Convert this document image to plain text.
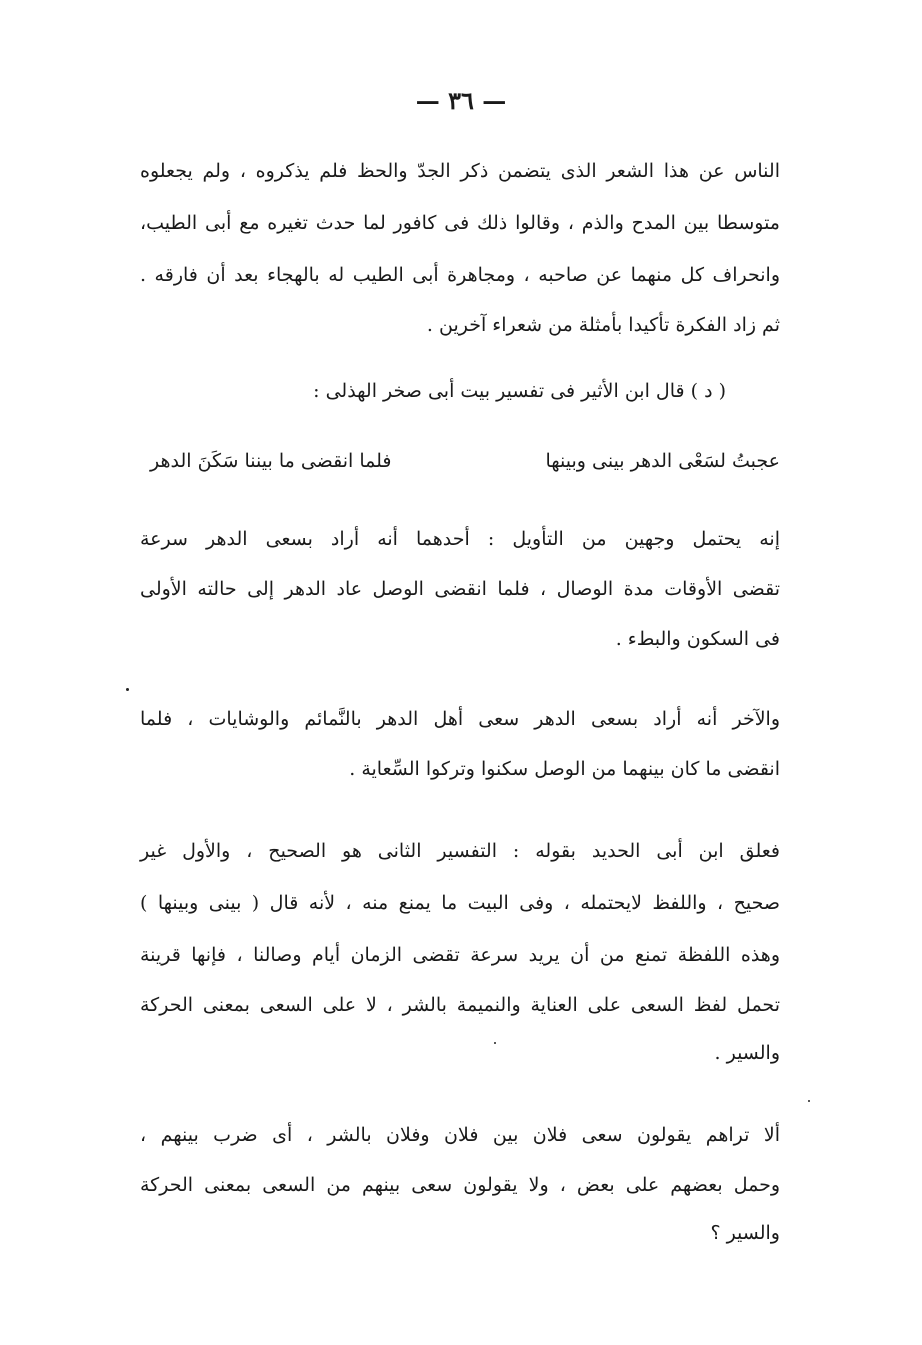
— ٣٦ —
الناس عن هذا الشعر الذى يتضمن ذكر الجدّ والحظ فلم يذكروه ، ولم يجعلوه
متوسطا بين المدح والذم ، وقالوا ذلك فى كافور لما حدث تغيره مع أبى الطيب،
وانحراف كل منهما عن صاحبه ، ومجاهرة أبى الطيب له بالهجاء بعد أن فارقه .
ثم زاد الفكرة تأكيدا بأمثلة من شعراء آخرين .
( د ) قال ابن الأثير فى تفسير بيت أبى صخر الهذلى :
عجبتُ لسَعْى الدهر بينى وبينها
فلما انقضى ما بيننا سَكَنَ الدهر
إنه يحتمل وجهين من التأويل : أحدهما أنه أراد بسعى الدهر سرعة
تقضى الأوقات مدة الوصال ، فلما انقضى الوصل عاد الدهر إلى حالته الأولى
فى السكون والبطء .
والآخر أنه أراد بسعى الدهر سعى أهل الدهر بالنَّمائم والوشايات ، فلما
انقضى ما كان بينهما من الوصل سكنوا وتركوا السِّعاية .
فعلق ابن أبى الحديد بقوله : التفسير الثانى هو الصحيح ، والأول غير
صحيح ، واللفظ لايحتمله ، وفى البيت ما يمنع منه ، لأنه قال ( بينى وبينها )
وهذه اللفظة تمنع من أن يريد سرعة تقضى الزمان أيام وصالنا ، فإنها قرينة
تحمل لفظ السعى على العناية والنميمة بالشر ، لا على السعى بمعنى الحركة
والسير .
ألا تراهم يقولون سعى فلان بين فلان وفلان بالشر ، أى ضرب بينهم ،
وحمل بعضهم على بعض ، ولا يقولون سعى بينهم من السعى بمعنى الحركة
والسير ؟
